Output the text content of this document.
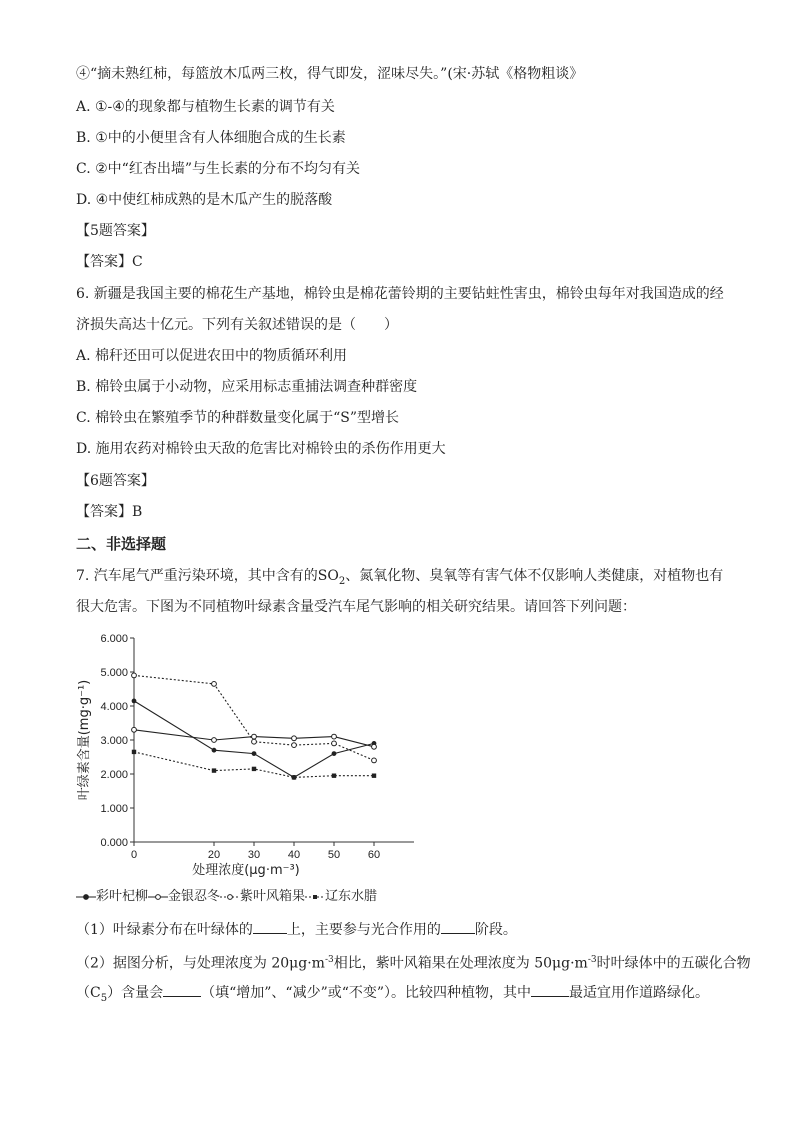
④“摘未熟红柿，每篮放木瓜两三枚，得气即发，涩味尽失。”(宋·苏轼《格物粗谈》
A. ①-④的现象都与植物生长素的调节有关
B. ①中的小便里含有人体细胞合成的生长素
C. ②中“红杏出墙”与生长素的分布不均匀有关
D. ④中使红柿成熟的是木瓜产生的脱落酸
【5题答案】
【答案】C
6. 新疆是我国主要的棉花生产基地，棉铃虫是棉花蕾铃期的主要钻蛀性害虫，棉铃虫每年对我国造成的经
济损失高达十亿元。下列有关叙述错误的是（　　）
A. 棉秆还田可以促进农田中的物质循环利用
B. 棉铃虫属于小动物，应采用标志重捕法调查种群密度
C. 棉铃虫在繁殖季节的种群数量变化属于“S”型增长
D. 施用农药对棉铃虫天敌的危害比对棉铃虫的杀伤作用更大
【6题答案】
【答案】B
二、非选择题
7. 汽车尾气严重污染环境，其中含有的$SO_2$、氮氧化物、臭氧等有害气体不仅影响人类健康，对植物也有
很大危害。下图为不同植物叶绿素含量受汽车尾气影响的相关研究结果。请回答下列问题：
0.000
1.000
2.000
3.000
4.000
5.000
6.000
0	20	30	40	50	60
处理浓度(μg·m⁻³)
叶绿素含量(mg·g⁻¹)
彩叶杞柳 金银忍冬 紫叶风箱果 辽东水腊
（1）叶绿素分布在叶绿体的 上，主要参与光合作用的 阶段。
（2）据图分析，与处理浓度为 $20\mu g\cdot m^{-3}$相比，紫叶风箱果在处理浓度为 $50\mu g\cdot m^{-3}$时叶绿体中的五碳化合物
$(C_5)$含量会	（填“增加”、“减少”或“不变”）。比较四种植物，其中	最适宜用作道路绿化。
